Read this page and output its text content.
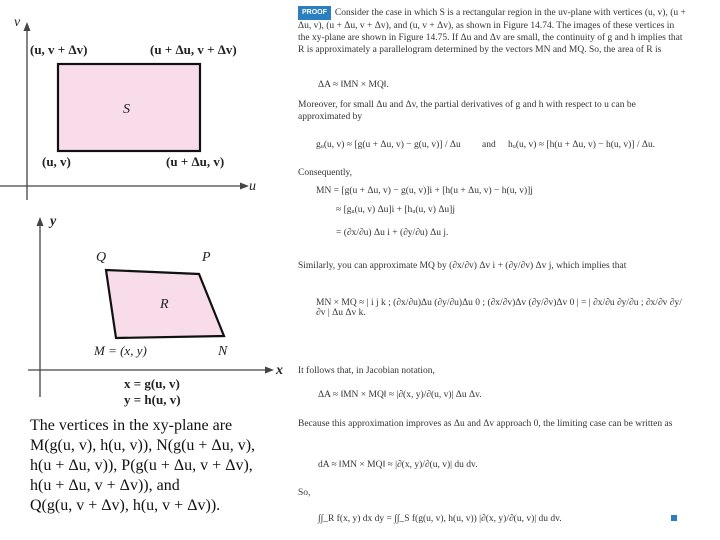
v
u
S
(u, v + Δv)	(u + Δu, v + Δv)
(u, v)	(u + Δu, v)
y
x
R
Q	P
M = (x, y)	N
x = g(u, v)
y = h(u, v)
The vertices in the xy-plane are
M(g(u, v), h(u, v)), N(g(u + Δu, v),
h(u + Δu, v)), P(g(u + Δu, v + Δv),
h(u + Δu, v + Δv)), and
Q(g(u, v + Δv), h(u, v + Δv)).
PROOF Consider the case in which S is a rectangular region in the uv-plane with vertices (u, v), (u + Δu, v), (u + Δu, v + Δv), and (u, v + Δv), as shown in Figure 14.74. The images of these vertices in the xy-plane are shown in Figure 14.75. If Δu and Δv are small, the continuity of g and h implies that R is approximately a parallelogram determined by the vectors MN and MQ. So, the area of R is
ΔA ≈ ‖MN × MQ‖.
Moreover, for small Δu and Δv, the partial derivatives of g and h with respect to u can be approximated by
gᵤ(u, v) ≈ [g(u + Δu, v) − g(u, v)] / Δu and hᵤ(u, v) ≈ [h(u + Δu, v) − h(u, v)] / Δu.
Consequently,
MN = [g(u + Δu, v) − g(u, v)]i + [h(u + Δu, v) − h(u, v)]j
≈ [gᵤ(u, v) Δu]i + [hᵤ(u, v) Δu]j
= (∂x/∂u) Δu i + (∂y/∂u) Δu j.
Similarly, you can approximate MQ by (∂x/∂v) Δv i + (∂y/∂v) Δv j, which implies that
MN × MQ ≈ | i j k ; (∂x/∂u)Δu (∂y/∂u)Δu 0 ; (∂x/∂v)Δv (∂y/∂v)Δv 0 | = | ∂x/∂u ∂y/∂u ; ∂x/∂v ∂y/∂v | Δu Δv k.
It follows that, in Jacobian notation,
ΔA ≈ ‖MN × MQ‖ ≈ |∂(x, y)/∂(u, v)| Δu Δv.
Because this approximation improves as Δu and Δv approach 0, the limiting case can be written as
dA ≈ ‖MN × MQ‖ ≈ |∂(x, y)/∂(u, v)| du dv.
So,
∫∫_R f(x, y) dx dy = ∫∫_S f(g(u, v), h(u, v)) |∂(x, y)/∂(u, v)| du dv.
